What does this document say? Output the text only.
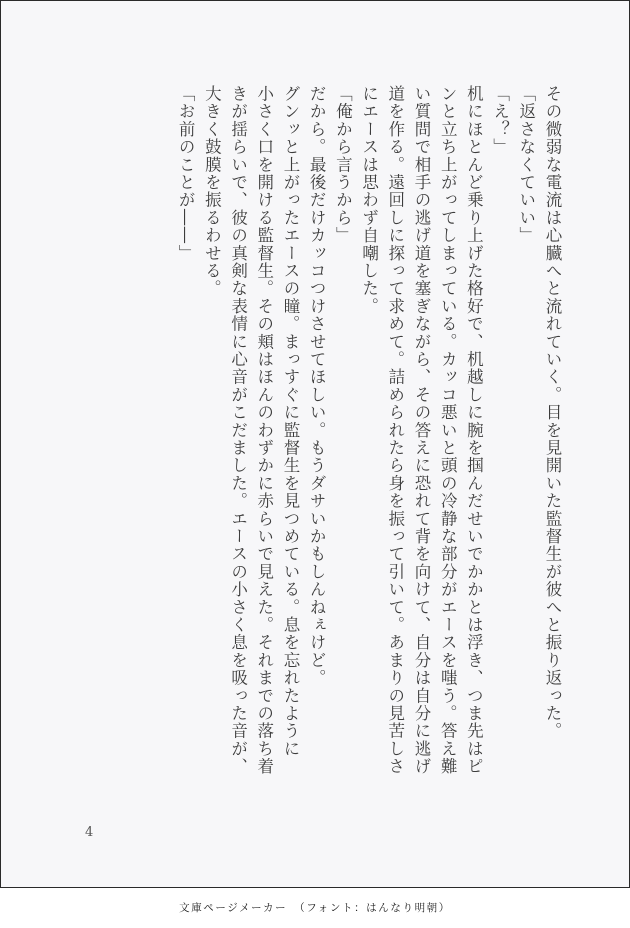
その微弱な電流は心臓へと流れていく。目を見開いた監督生が彼へと振り返った。

「返さなくていい」

「え？」

机にほとんど乗り上げた格好で、机越しに腕を掴んだせいでかかとは浮き、つま先はピ

ンと立ち上がってしまっている。カッコ悪いと頭の冷静な部分がエースを嗤う。答え難

い質問で相手の逃げ道を塞ぎながら、その答えに恐れて背を向けて、自分は自分に逃げ

道を作る。遠回しに探って求めて。詰められたら身を振って引いて。あまりの見苦しさ

にエースは思わず自嘲した。

「俺から言うから」

だから。最後だけカッコつけさせてほしい。もうダサいかもしんねぇけど。

グンッと上がったエースの瞳。まっすぐに監督生を見つめている。息を忘れたように

小さく口を開ける監督生。その頬はほんのわずかに赤らいで見えた。それまでの落ち着

きが揺らいで、彼の真剣な表情に心音がこだました。エースの小さく息を吸った音が、

大きく鼓膜を振るわせる。

「お前のことが――」

4
文庫ページメーカー　（フォント：はんなり明朝）
